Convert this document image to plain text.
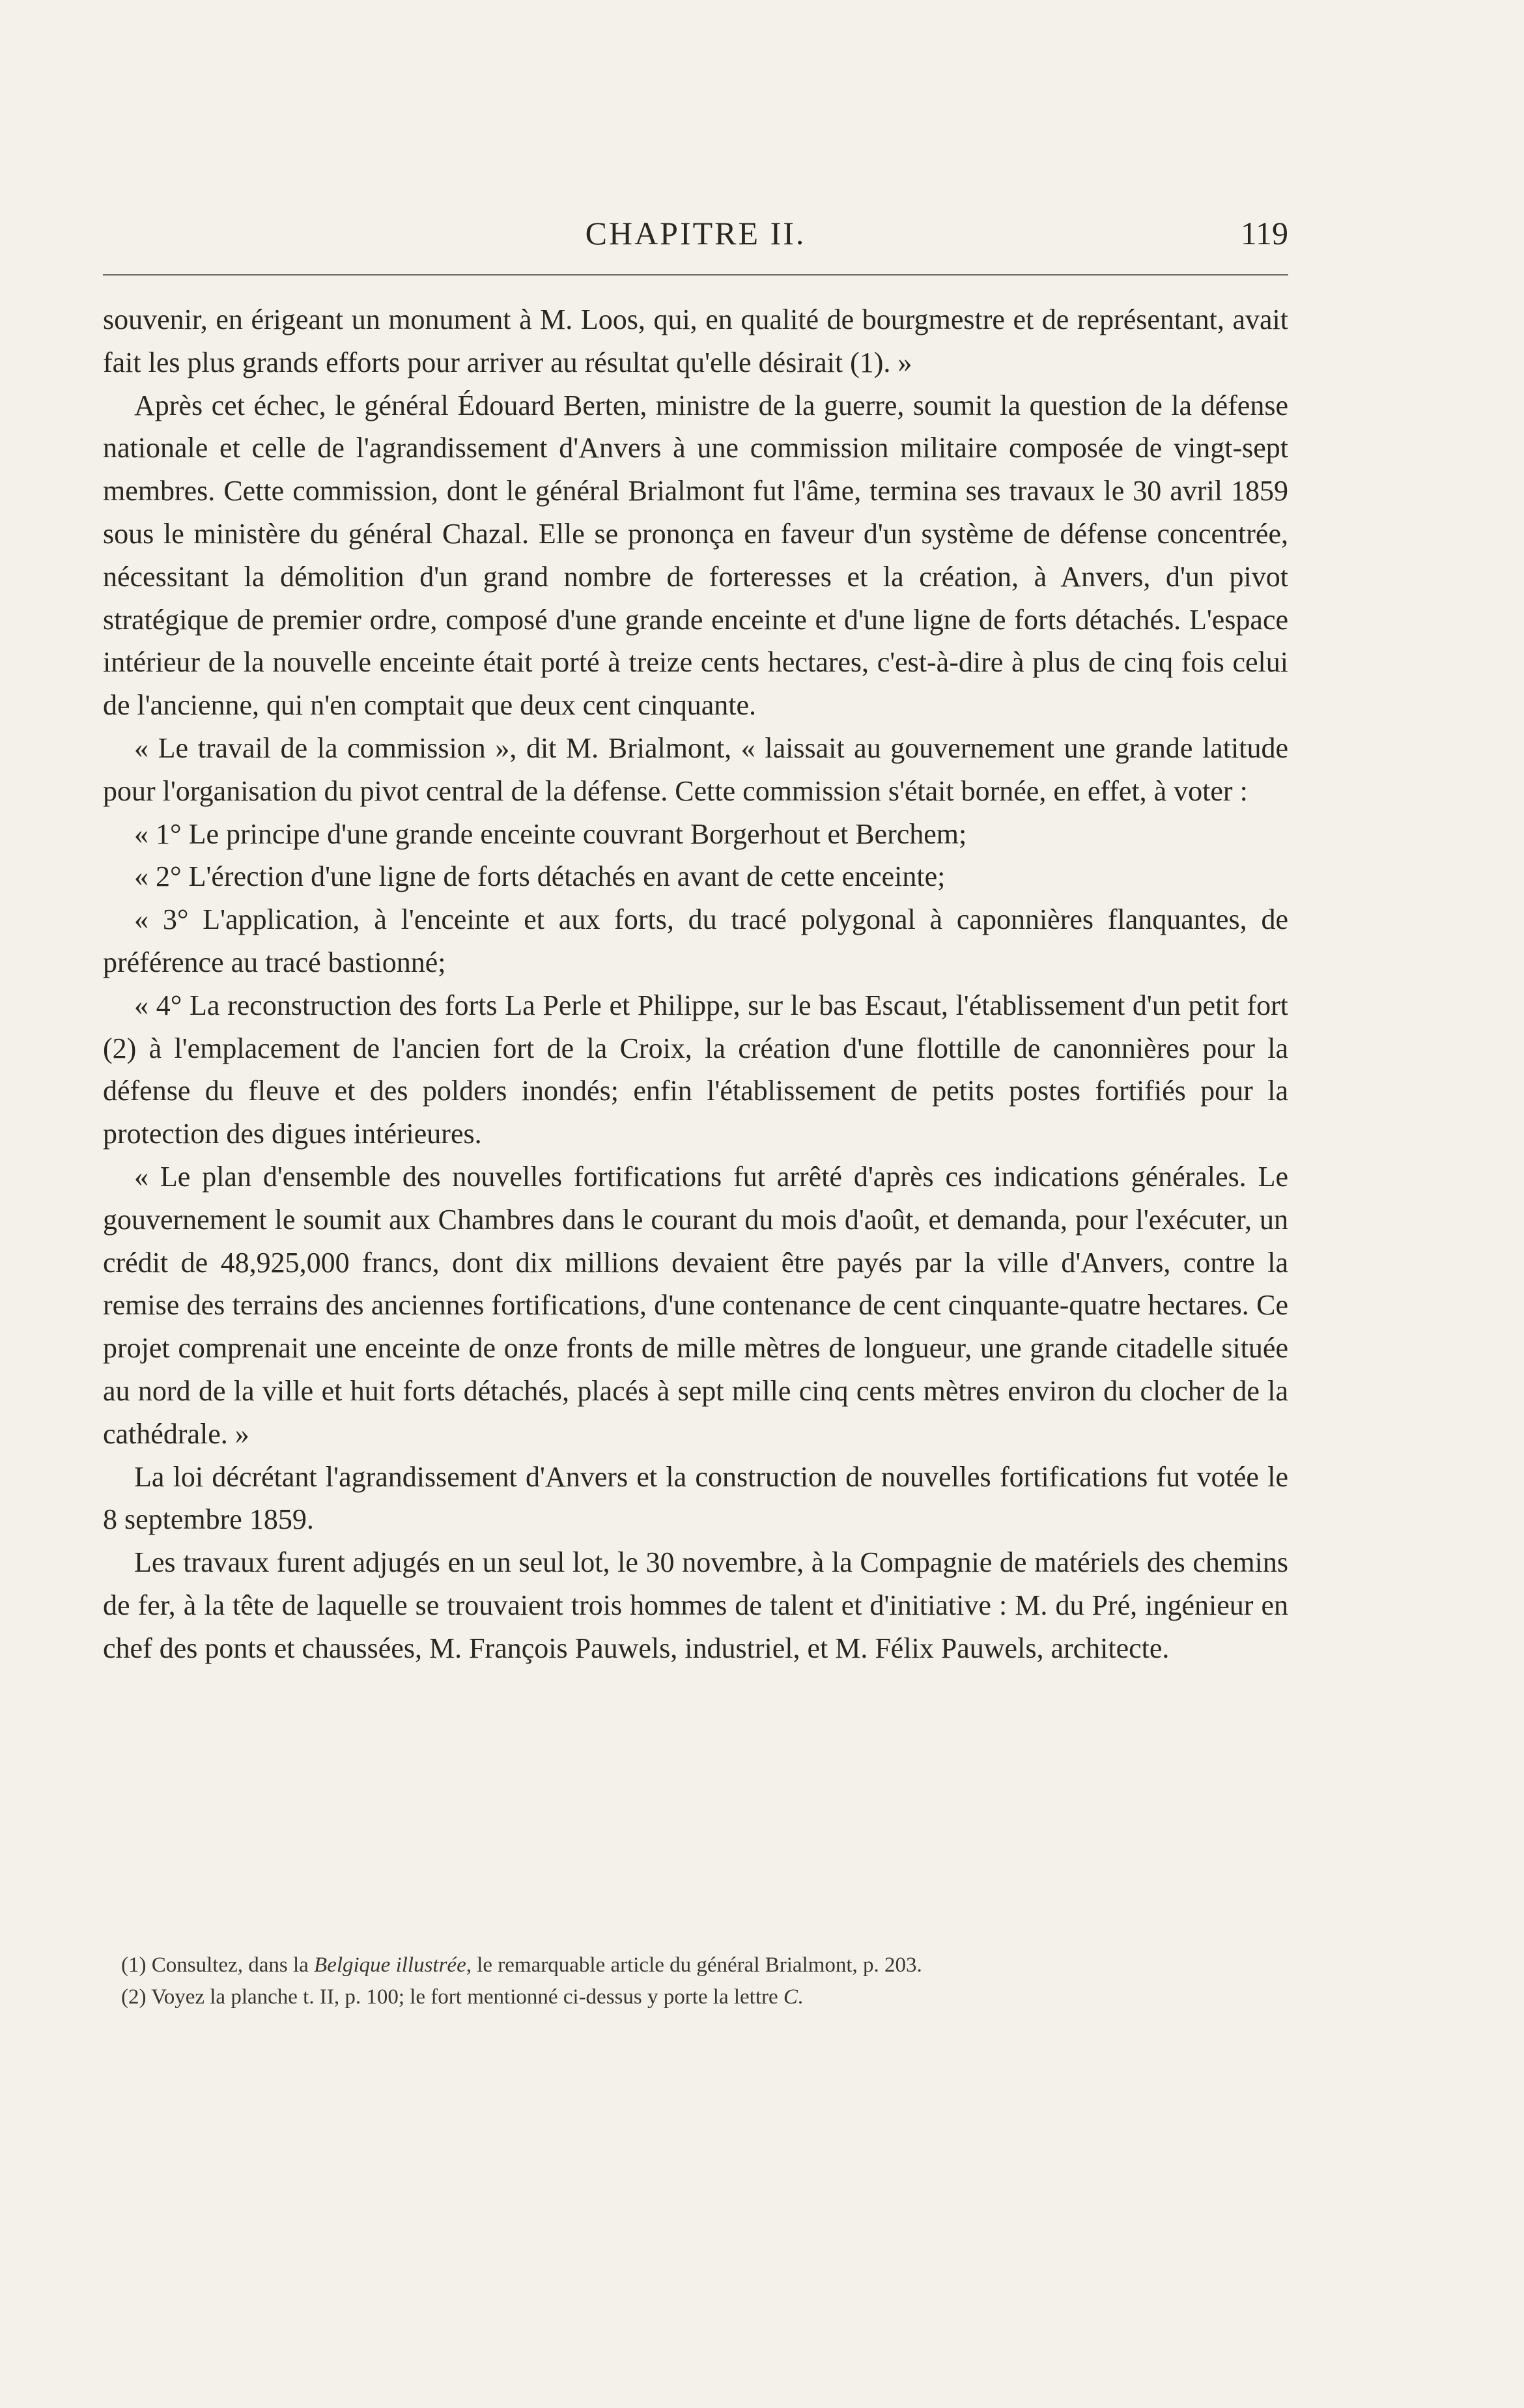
CHAPITRE II.	119

souvenir, en érigeant un monument à M. Loos, qui, en qualité de bourgmestre et de représentant, avait fait les plus grands efforts pour arriver au résultat qu'elle désirait (1). »

Après cet échec, le général Édouard Berten, ministre de la guerre, soumit la question de la défense nationale et celle de l'agrandissement d'Anvers à une commission militaire composée de vingt-sept membres. Cette commission, dont le général Brialmont fut l'âme, termina ses travaux le 30 avril 1859 sous le ministère du général Chazal. Elle se prononça en faveur d'un système de défense concentrée, nécessitant la démolition d'un grand nombre de forteresses et la création, à Anvers, d'un pivot stratégique de premier ordre, composé d'une grande enceinte et d'une ligne de forts détachés. L'espace intérieur de la nouvelle enceinte était porté à treize cents hectares, c'est-à-dire à plus de cinq fois celui de l'ancienne, qui n'en comptait que deux cent cinquante.

« Le travail de la commission », dit M. Brialmont, « laissait au gouvernement une grande latitude pour l'organisation du pivot central de la défense. Cette commission s'était bornée, en effet, à voter :

« 1° Le principe d'une grande enceinte couvrant Borgerhout et Berchem;

« 2° L'érection d'une ligne de forts détachés en avant de cette enceinte;

« 3° L'application, à l'enceinte et aux forts, du tracé polygonal à caponnières flanquantes, de préférence au tracé bastionné;

« 4° La reconstruction des forts La Perle et Philippe, sur le bas Escaut, l'établissement d'un petit fort (2) à l'emplacement de l'ancien fort de la Croix, la création d'une flottille de canonnières pour la défense du fleuve et des polders inondés; enfin l'établissement de petits postes fortifiés pour la protection des digues intérieures.

« Le plan d'ensemble des nouvelles fortifications fut arrêté d'après ces indications générales. Le gouvernement le soumit aux Chambres dans le courant du mois d'août, et demanda, pour l'exécuter, un crédit de 48,925,000 francs, dont dix millions devaient être payés par la ville d'Anvers, contre la remise des terrains des anciennes fortifications, d'une contenance de cent cinquante-quatre hectares. Ce projet comprenait une enceinte de onze fronts de mille mètres de longueur, une grande citadelle située au nord de la ville et huit forts détachés, placés à sept mille cinq cents mètres environ du clocher de la cathédrale. »

La loi décrétant l'agrandissement d'Anvers et la construction de nouvelles fortifications fut votée le 8 septembre 1859.

Les travaux furent adjugés en un seul lot, le 30 novembre, à la Compagnie de matériels des chemins de fer, à la tête de laquelle se trouvaient trois hommes de talent et d'initiative : M. du Pré, ingénieur en chef des ponts et chaussées, M. François Pauwels, industriel, et M. Félix Pauwels, architecte.

(1) Consultez, dans la Belgique illustrée, le remarquable article du général Brialmont, p. 203.

(2) Voyez la planche t. II, p. 100; le fort mentionné ci-dessus y porte la lettre C.
